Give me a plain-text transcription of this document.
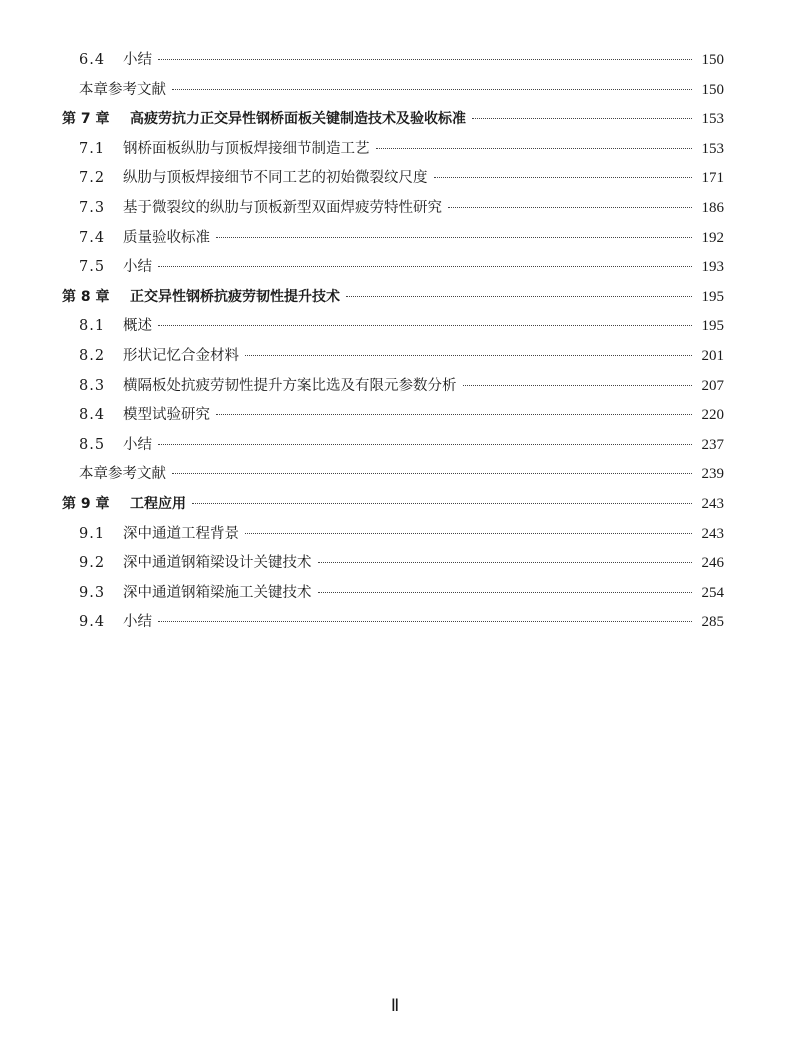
6.4	小结	150
本章参考文献	150
第 7 章	高疲劳抗力正交异性钢桥面板关键制造技术及验收标准	153
7.1	钢桥面板纵肋与顶板焊接细节制造工艺	153
7.2	纵肋与顶板焊接细节不同工艺的初始微裂纹尺度	171
7.3	基于微裂纹的纵肋与顶板新型双面焊疲劳特性研究	186
7.4	质量验收标准	192
7.5	小结	193
第 8 章	正交异性钢桥抗疲劳韧性提升技术	195
8.1	概述	195
8.2	形状记忆合金材料	201
8.3	横隔板处抗疲劳韧性提升方案比选及有限元参数分析	207
8.4	模型试验研究	220
8.5	小结	237
本章参考文献	239
第 9 章	工程应用	243
9.1	深中通道工程背景	243
9.2	深中通道钢箱梁设计关键技术	246
9.3	深中通道钢箱梁施工关键技术	254
9.4	小结	285
Ⅱ
